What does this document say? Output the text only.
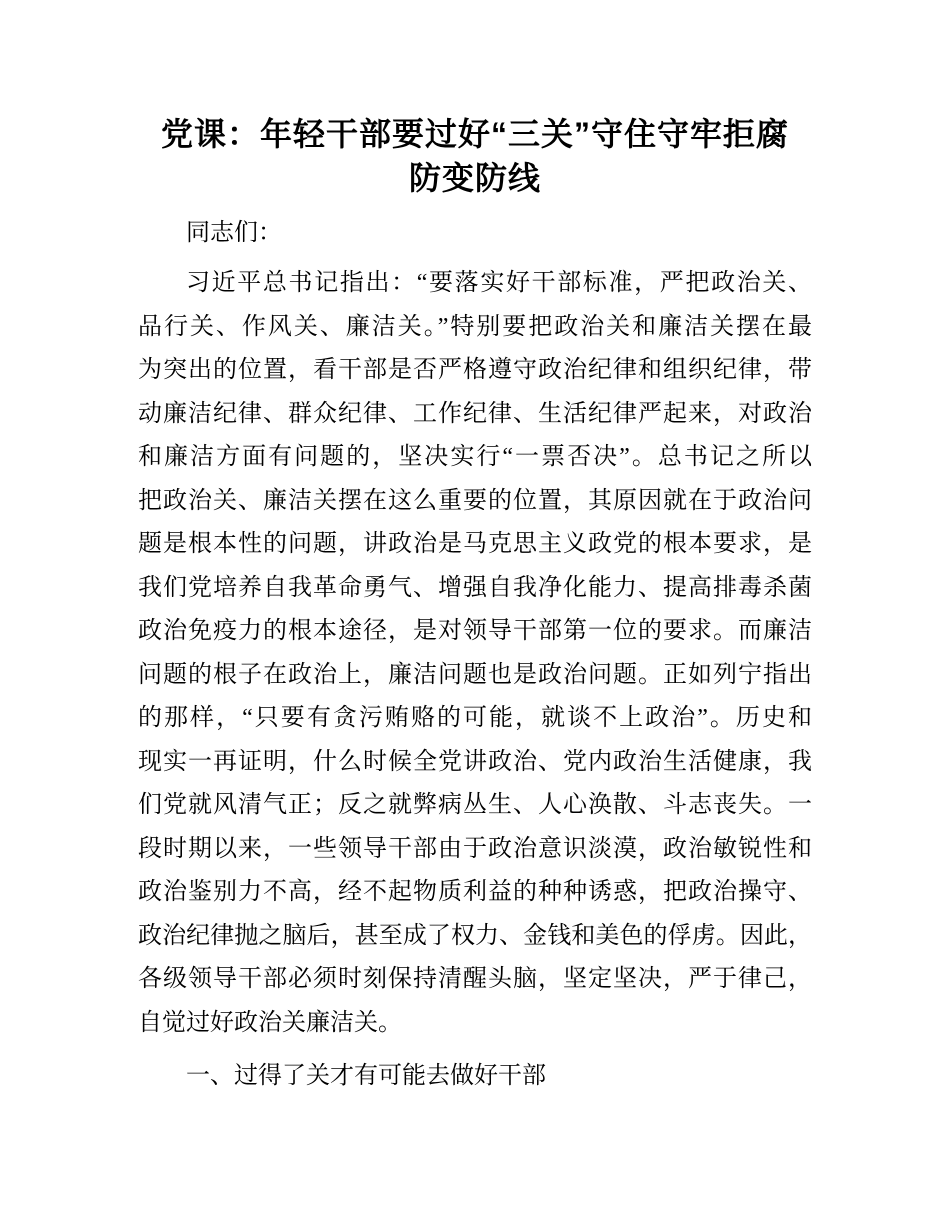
党课：年轻干部要过好“三关”守住守牢拒腐
防变防线
同志们：
习近平总书记指出：“要落实好干部标准，严把政治关、
品行关、作风关、廉洁关。”特别要把政治关和廉洁关摆在最
为突出的位置，看干部是否严格遵守政治纪律和组织纪律，带
动廉洁纪律、群众纪律、工作纪律、生活纪律严起来，对政治
和廉洁方面有问题的，坚决实行“一票否决”。总书记之所以
把政治关、廉洁关摆在这么重要的位置，其原因就在于政治问
题是根本性的问题，讲政治是马克思主义政党的根本要求，是
我们党培养自我革命勇气、增强自我净化能力、提高排毒杀菌
政治免疫力的根本途径，是对领导干部第一位的要求。而廉洁
问题的根子在政治上，廉洁问题也是政治问题。正如列宁指出
的那样，“只要有贪污贿赂的可能，就谈不上政治”。历史和
现实一再证明，什么时候全党讲政治、党内政治生活健康，我
们党就风清气正；反之就弊病丛生、人心涣散、斗志丧失。一
段时期以来，一些领导干部由于政治意识淡漠，政治敏锐性和
政治鉴别力不高，经不起物质利益的种种诱惑，把政治操守、
政治纪律抛之脑后，甚至成了权力、金钱和美色的俘虏。因此，
各级领导干部必须时刻保持清醒头脑，坚定坚决，严于律己，
自觉过好政治关廉洁关。
一、过得了关才有可能去做好干部
